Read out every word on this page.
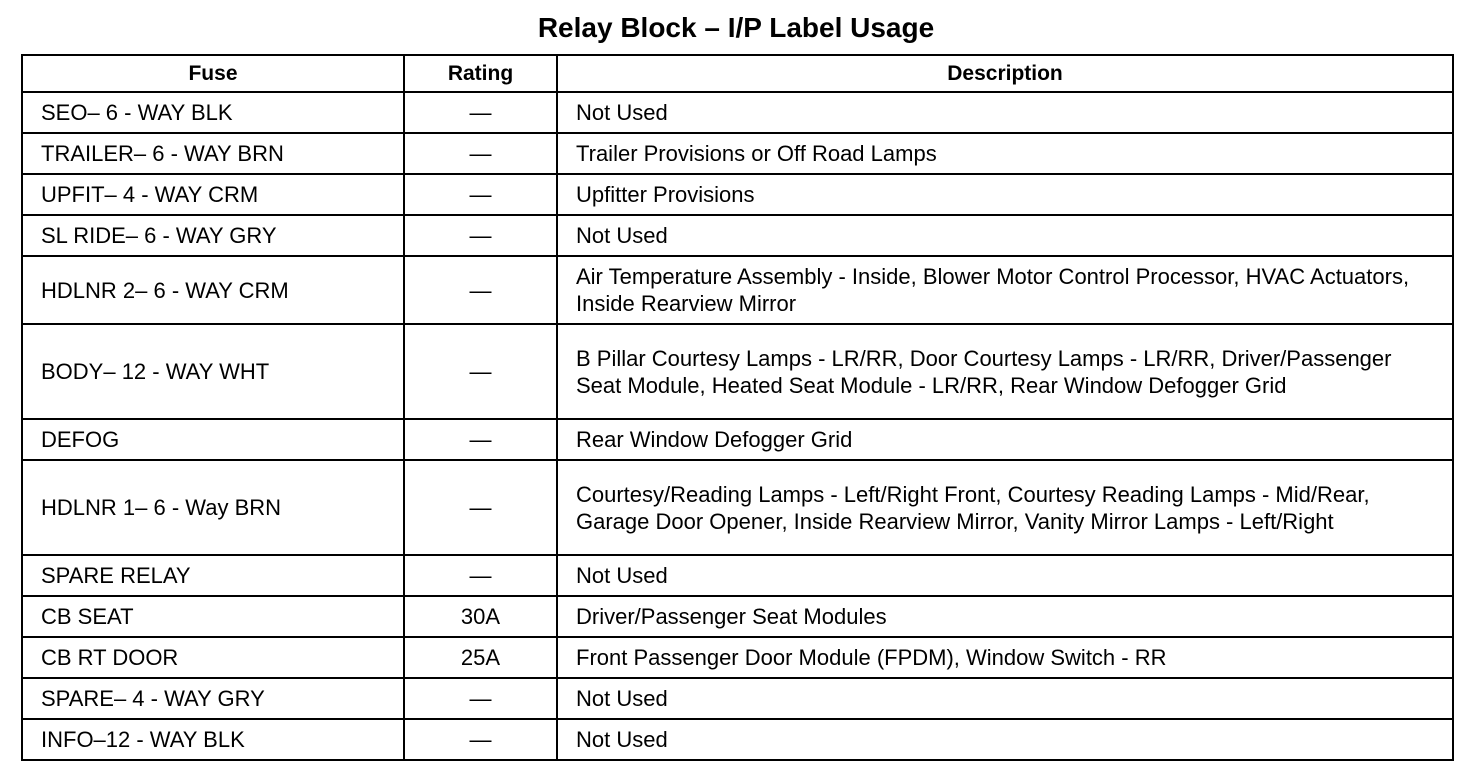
Relay Block – I/P Label Usage
Fuse	Rating	Description
SEO– 6 - WAY BLK	—	Not Used
TRAILER– 6 - WAY BRN	—	Trailer Provisions or Off Road Lamps
UPFIT– 4 - WAY CRM	—	Upfitter Provisions
SL RIDE– 6 - WAY GRY	—	Not Used
HDLNR 2– 6 - WAY CRM	—	Air Temperature Assembly - Inside, Blower Motor Control Processor, HVAC Actuators, Inside Rearview Mirror
BODY– 12 - WAY WHT	—	B Pillar Courtesy Lamps - LR/RR, Door Courtesy Lamps - LR/RR, Driver/Passenger Seat Module, Heated Seat Module - LR/RR, Rear Window Defogger Grid
DEFOG	—	Rear Window Defogger Grid
HDLNR 1– 6 - Way BRN	—	Courtesy/Reading Lamps - Left/Right Front, Courtesy Reading Lamps - Mid/Rear, Garage Door Opener, Inside Rearview Mirror, Vanity Mirror Lamps - Left/Right
SPARE RELAY	—	Not Used
CB SEAT	30A	Driver/Passenger Seat Modules
CB RT DOOR	25A	Front Passenger Door Module (FPDM), Window Switch - RR
SPARE– 4 - WAY GRY	—	Not Used
INFO–12 - WAY BLK	—	Not Used
